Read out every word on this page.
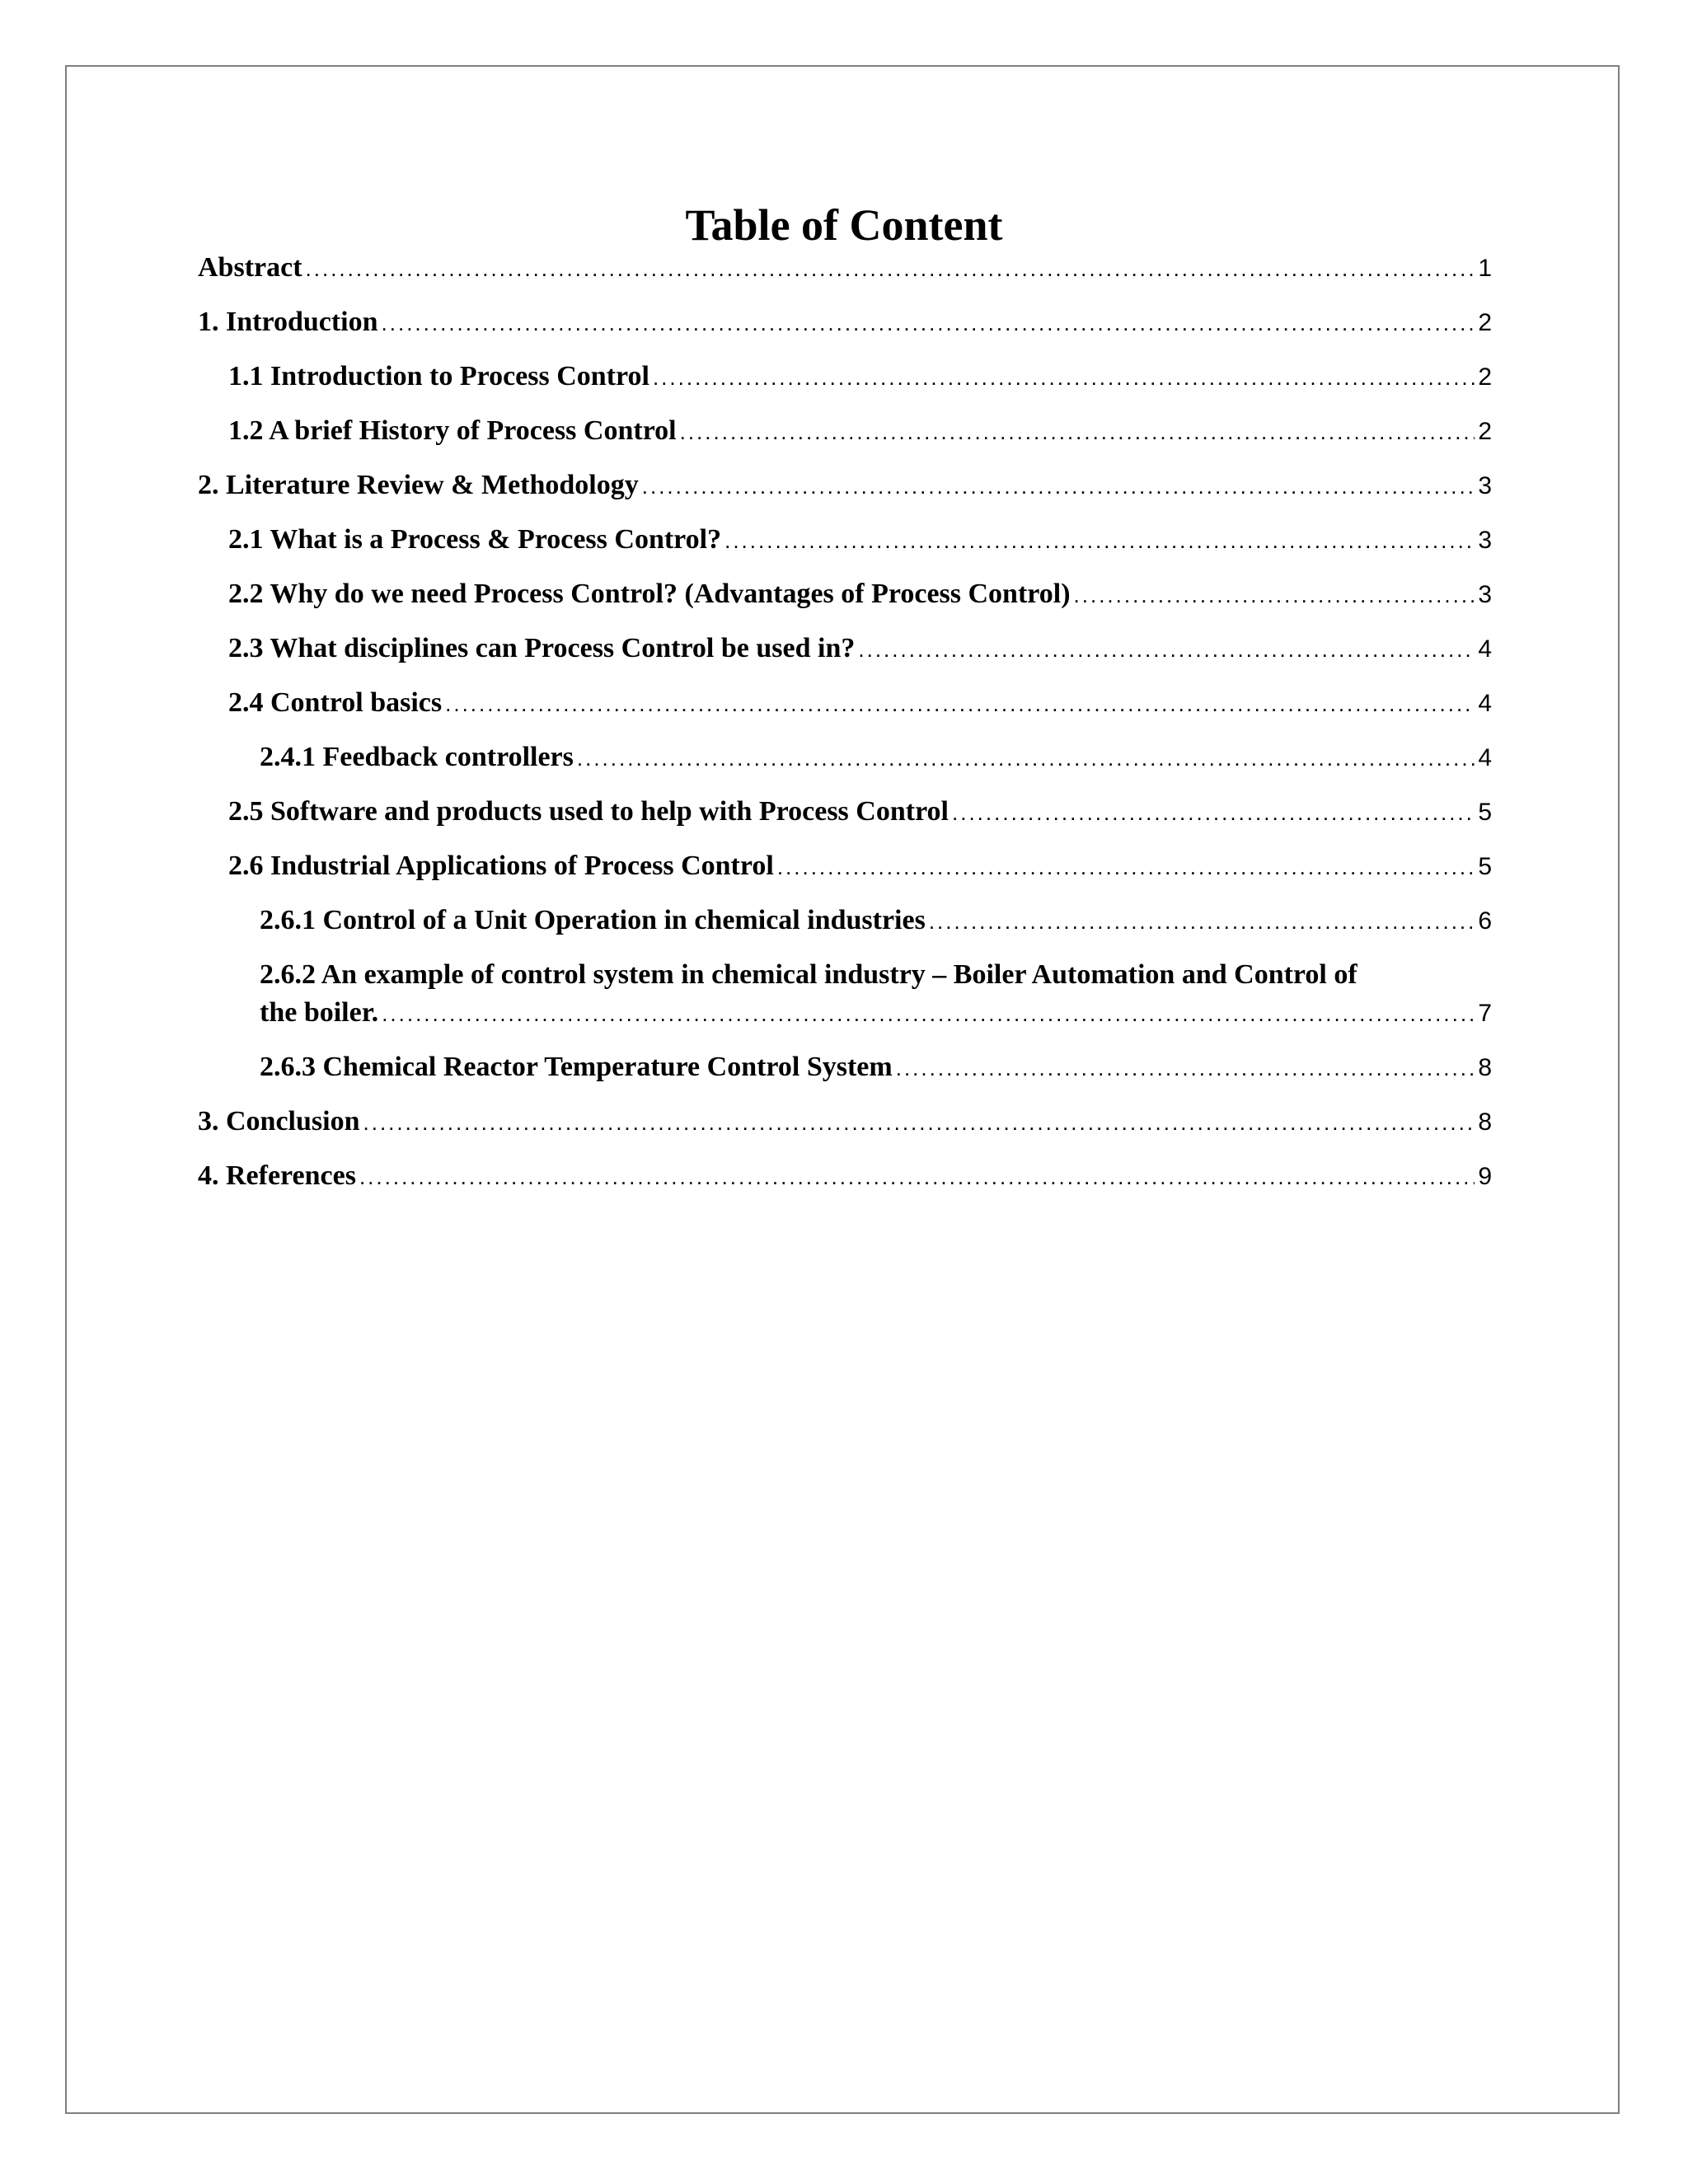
Table of Content
Abstract .....	1
1. Introduction .....	2
1.1 Introduction to Process Control .....	2
1.2 A brief History of Process Control .....	2
2. Literature Review & Methodology .....	3
2.1 What is a Process & Process Control? .....	3
2.2 Why do we need Process Control? (Advantages of Process Control) .....	3
2.3 What disciplines can Process Control be used in? .....	4
2.4 Control basics .....	4
2.4.1 Feedback controllers .....	4
2.5 Software and products used to help with Process Control .....	5
2.6 Industrial Applications of Process Control .....	5
2.6.1 Control of a Unit Operation in chemical industries .....	6
2.6.2 An example of control system in chemical industry – Boiler Automation and Control of
the boiler. .....	7
2.6.3 Chemical Reactor Temperature Control System .....	8
3. Conclusion .....	8
4. References .....	9
